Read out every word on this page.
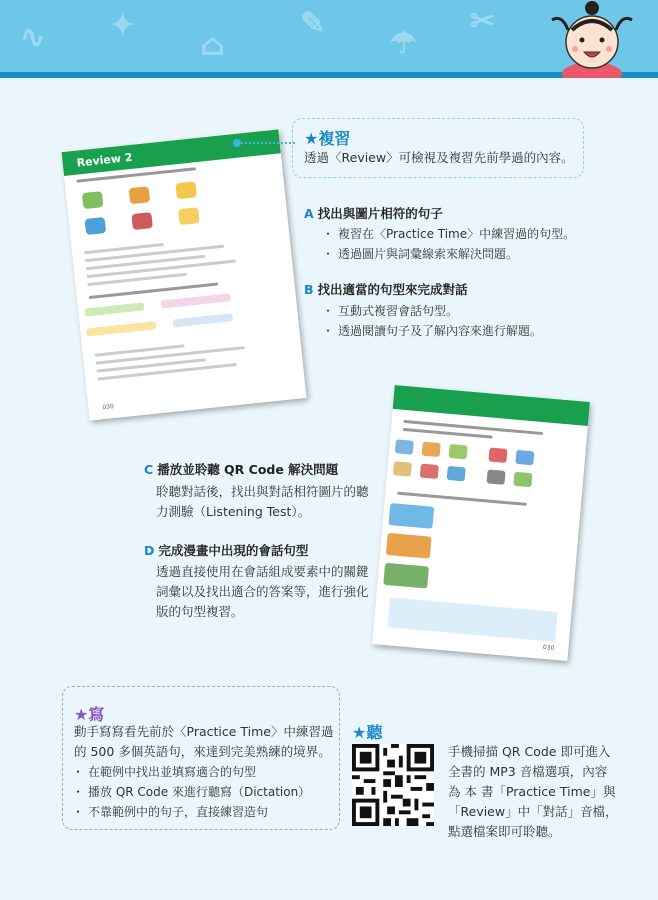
∿ ✦
⌂
✎
☂
✂
Review 2

030
★複習
透過〈Review〉可檢視及複習先前學過的內容。
A 找出與圖片相符的句子
・ 複習在〈Practice Time〉中練習過的句型。
・ 透過圖片與詞彙線索來解決問題。
B 找出適當的句型來完成對話
・ 互動式複習會話句型。
・ 透過閱讀句子及了解內容來進行解題。

030
C 播放並聆聽 QR Code 解決問題
聆聽對話後，找出與對話相符圖片的聽
力測驗（Listening Test）。
D 完成漫畫中出現的會話句型
透過直接使用在會話組成要素中的關鍵
詞彙以及找出適合的答案等，進行強化
版的句型複習。
★寫
動手寫寫看先前於〈Practice Time〉中練習過
的 500 多個英語句，來達到完美熟練的境界。
・ 在範例中找出並填寫適合的句型
・ 播放 QR Code 來進行聽寫（Dictation）
・ 不靠範例中的句子，直接練習造句
★聽
手機掃描 QR Code 即可進入
全書的 MP3 音檔選項，內容
為 本 書「Practice Time」與
「Review」中「對話」音檔，
點選檔案即可聆聽。
